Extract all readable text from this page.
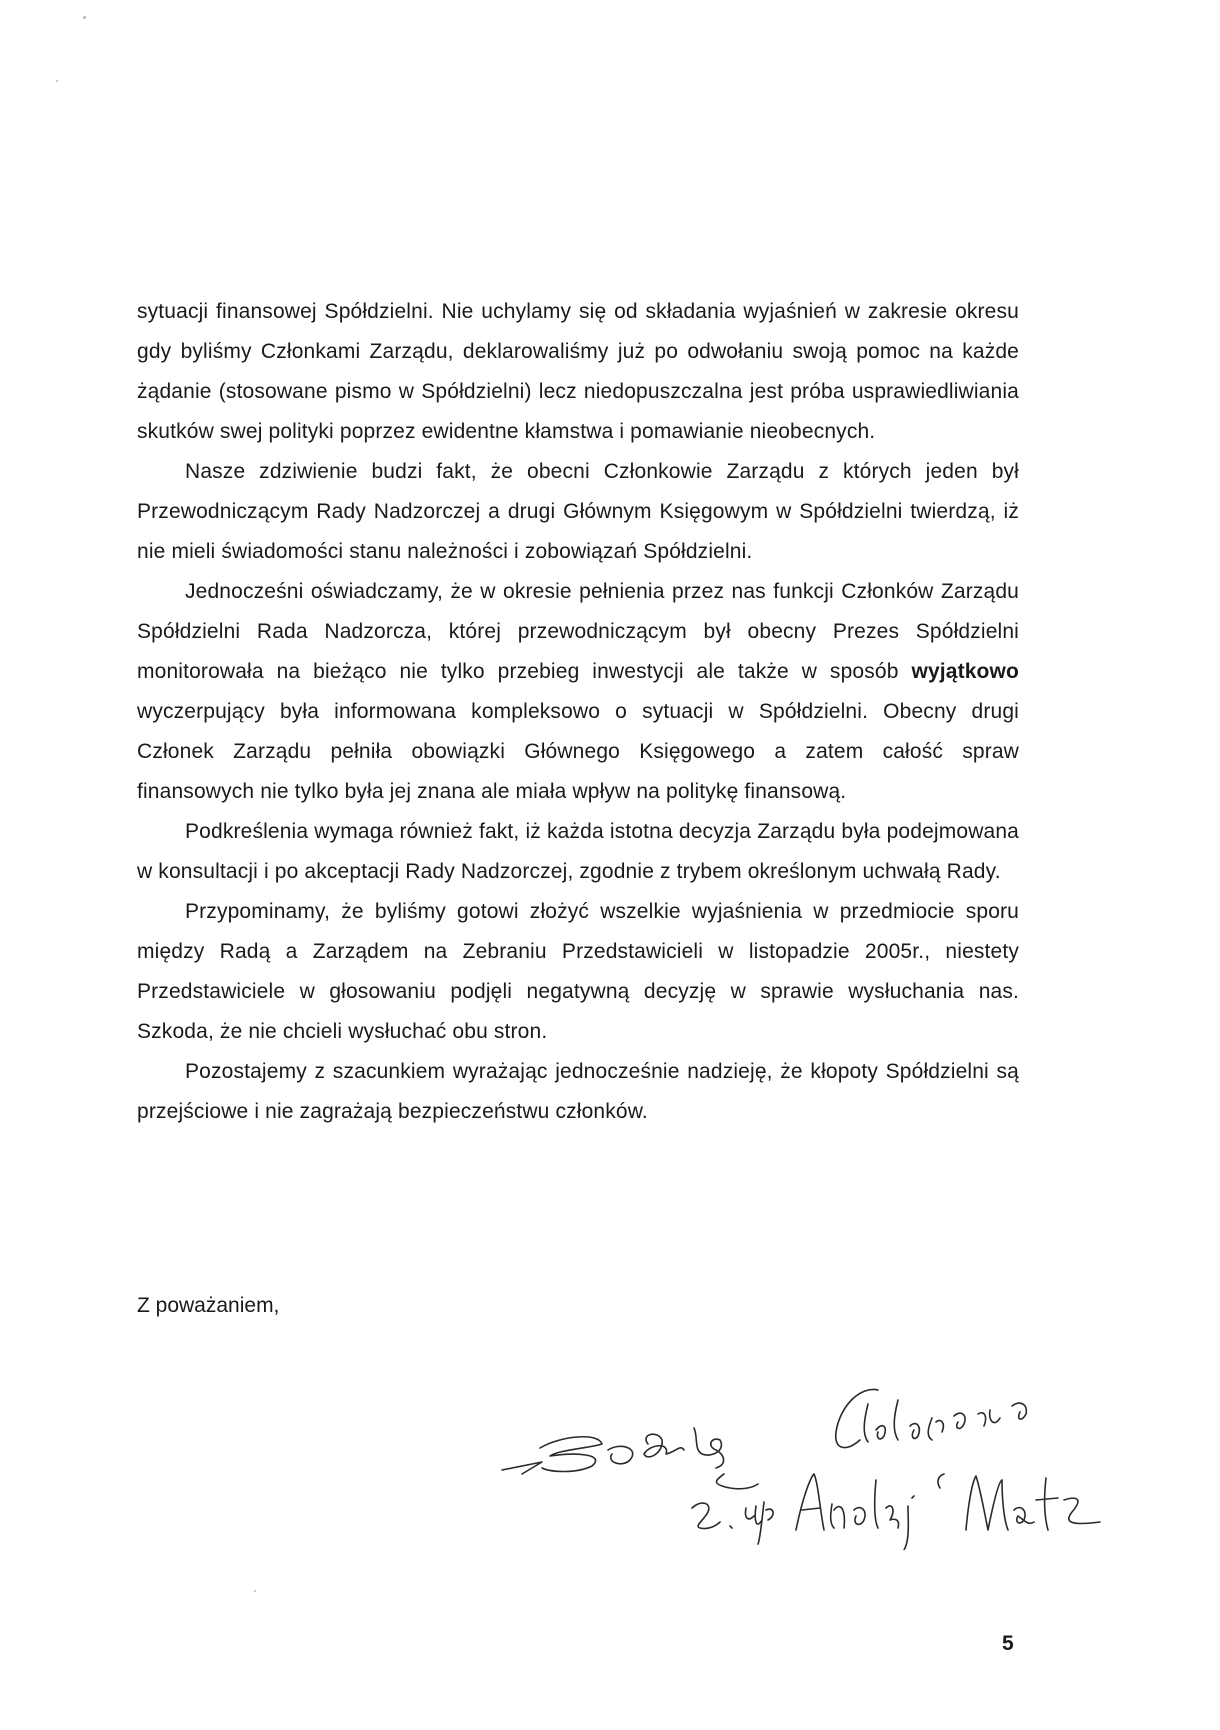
sytuacji finansowej Spółdzielni. Nie uchylamy się od składania wyjaśnień w zakresie okresu gdy byliśmy Członkami Zarządu, deklarowaliśmy już po odwołaniu swoją pomoc na każde żądanie (stosowane pismo w Spółdzielni) lecz niedopuszczalna jest próba usprawiedliwiania skutków swej polityki poprzez ewidentne kłamstwa i pomawianie nieobecnych.

Nasze zdziwienie budzi fakt, że obecni Członkowie Zarządu z których jeden był Przewodniczącym Rady Nadzorczej a drugi Głównym Księgowym w Spółdzielni twierdzą, iż nie mieli świadomości stanu należności i zobowiązań Spółdzielni.

Jednocześni oświadczamy, że w okresie pełnienia przez nas funkcji Członków Zarządu Spółdzielni Rada Nadzorcza, której przewodniczącym był obecny Prezes Spółdzielni monitorowała na bieżąco nie tylko przebieg inwestycji ale także w sposób wyjątkowo wyczerpujący była informowana kompleksowo o sytuacji w Spółdzielni. Obecny drugi Członek Zarządu pełniła obowiązki Głównego Księgowego a zatem całość spraw finansowych nie tylko była jej znana ale miała wpływ na politykę finansową.

Podkreślenia wymaga również fakt, iż każda istotna decyzja Zarządu była podejmowana w konsultacji i po akceptacji Rady Nadzorczej, zgodnie z trybem określonym uchwałą Rady.

Przypominamy, że byliśmy gotowi złożyć wszelkie wyjaśnienia w przedmiocie sporu między Radą a Zarządem na Zebraniu Przedstawicieli w listopadzie 2005r., niestety Przedstawiciele w głosowaniu podjęli negatywną decyzję w sprawie wysłuchania nas. Szkoda, że nie chcieli wysłuchać obu stron.

Pozostajemy z szacunkiem wyrażając jednocześnie nadzieję, że kłopoty Spółdzielni są przejściowe i nie zagrażają bezpieczeństwu członków.

Z poważaniem,
5
